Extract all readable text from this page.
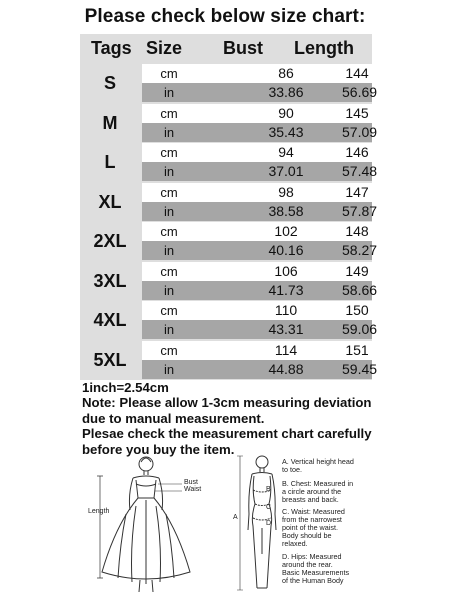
Please check below size chart:
Tags Size Bust Length
S	cm	86	144
in	33.86	56.69
M	cm	90	145
in	35.43	57.09
L	cm	94	146
in	37.01	57.48
XL	cm	98	147
in	38.58	57.87
2XL	cm	102	148
in	40.16	58.27
3XL	cm	106	149
in	41.73	58.66
4XL	cm	110	150
in	43.31	59.06
5XL	cm	114	151
in	44.88	59.45
1inch=2.54cm
Note: Please allow 1-3cm measuring deviation
due to manual measurement.
Plesae check the measurement chart carefully
before you buy the item.
Bust
Waist
Length
B
C
A
D
A. Vertical height head
to toe.
B. Chest: Measured in
a circle around the
breasts and back.
C. Waist: Measured
from the narrowest
point of the waist.
Body should be
relaxed.
D. Hips: Measured
around the rear.
Basic Measurements
of the Human Body
